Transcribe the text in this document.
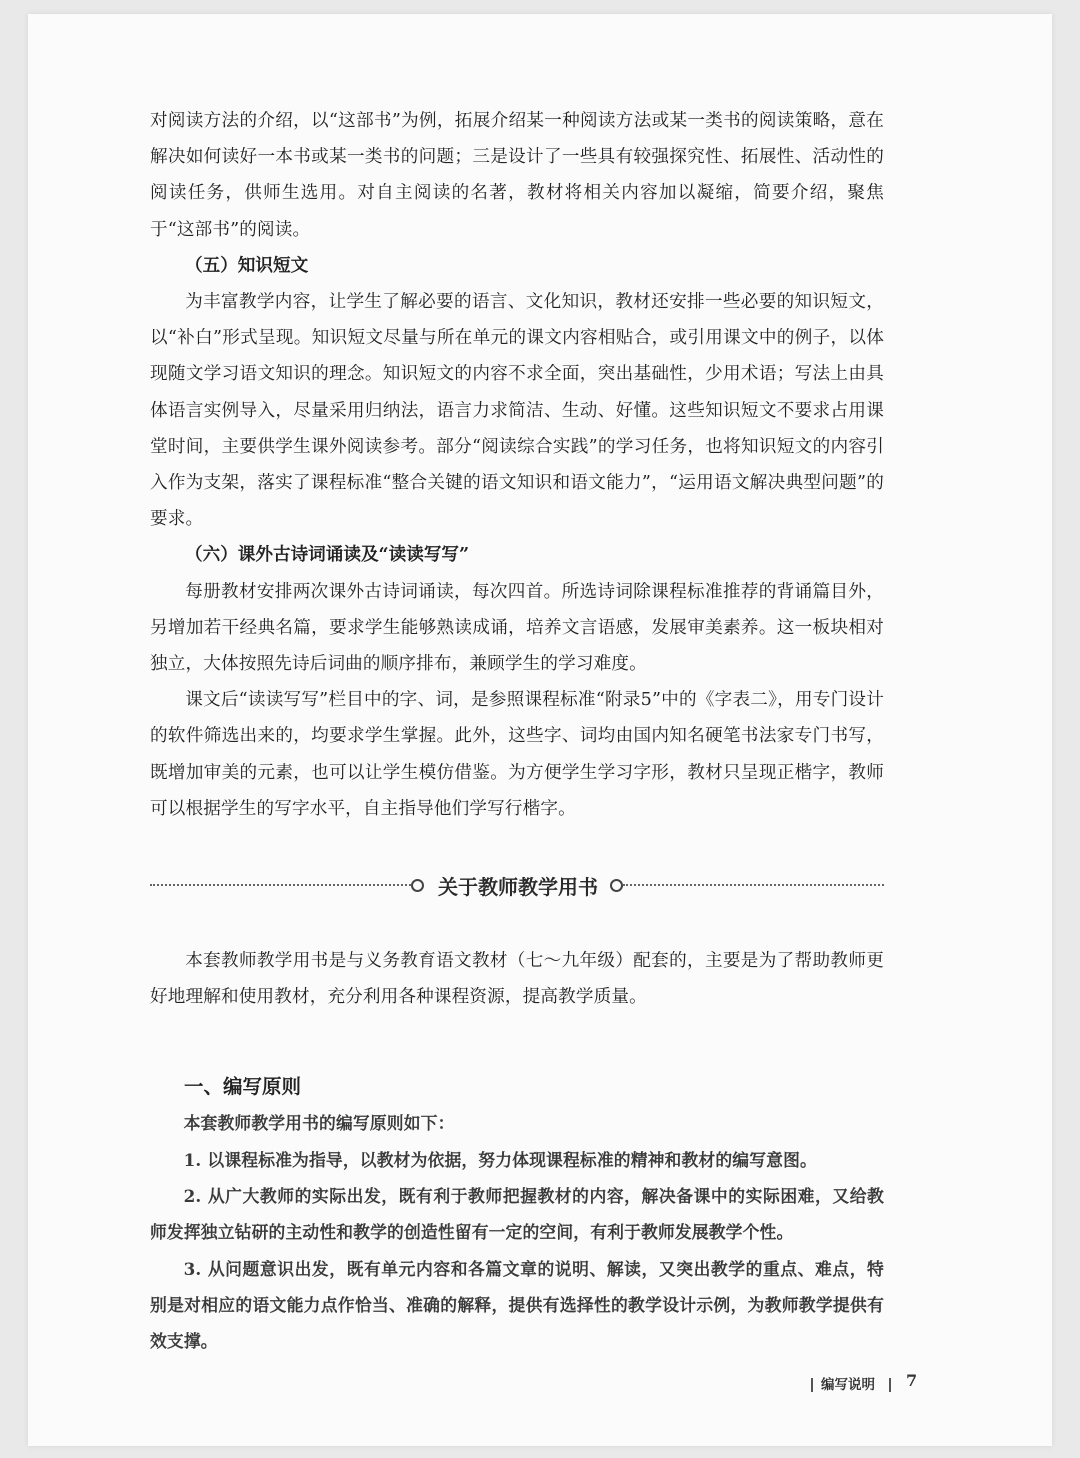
对阅读方法的介绍，以“这部书”为例，拓展介绍某一种阅读方法或某一类书的阅读策略，意在解决如何读好一本书或某一类书的问题；三是设计了一些具有较强探究性、拓展性、活动性的阅读任务，供师生选用。对自主阅读的名著，教材将相关内容加以凝缩，简要介绍，聚焦于“这部书”的阅读。

（五）知识短文

为丰富教学内容，让学生了解必要的语言、文化知识，教材还安排一些必要的知识短文，以“补白”形式呈现。知识短文尽量与所在单元的课文内容相贴合，或引用课文中的例子，以体现随文学习语文知识的理念。知识短文的内容不求全面，突出基础性，少用术语；写法上由具体语言实例导入，尽量采用归纳法，语言力求简洁、生动、好懂。这些知识短文不要求占用课堂时间，主要供学生课外阅读参考。部分“阅读综合实践”的学习任务，也将知识短文的内容引入作为支架，落实了课程标准“整合关键的语文知识和语文能力”，“运用语文解决典型问题”的要求。

（六）课外古诗词诵读及“读读写写”

每册教材安排两次课外古诗词诵读，每次四首。所选诗词除课程标准推荐的背诵篇目外，另增加若干经典名篇，要求学生能够熟读成诵，培养文言语感，发展审美素养。这一板块相对独立，大体按照先诗后词曲的顺序排布，兼顾学生的学习难度。

课文后“读读写写”栏目中的字、词，是参照课程标准“附录5”中的《字表二》，用专门设计的软件筛选出来的，均要求学生掌握。此外，这些字、词均由国内知名硬笔书法家专门书写，既增加审美的元素，也可以让学生模仿借鉴。为方便学生学习字形，教材只呈现正楷字，教师可以根据学生的写字水平，自主指导他们学写行楷字。

关于教师教学用书

本套教师教学用书是与义务教育语文教材（七～九年级）配套的，主要是为了帮助教师更好地理解和使用教材，充分利用各种课程资源，提高教学质量。

一、编写原则

本套教师教学用书的编写原则如下：

1. 以课程标准为指导，以教材为依据，努力体现课程标准的精神和教材的编写意图。

2. 从广大教师的实际出发，既有利于教师把握教材的内容，解决备课中的实际困难，又给教师发挥独立钻研的主动性和教学的创造性留有一定的空间，有利于教师发展教学个性。

3. 从问题意识出发，既有单元内容和各篇文章的说明、解读，又突出教学的重点、难点，特别是对相应的语文能力点作恰当、准确的解释，提供有选择性的教学设计示例，为教师教学提供有效支撑。

编写说明 7
